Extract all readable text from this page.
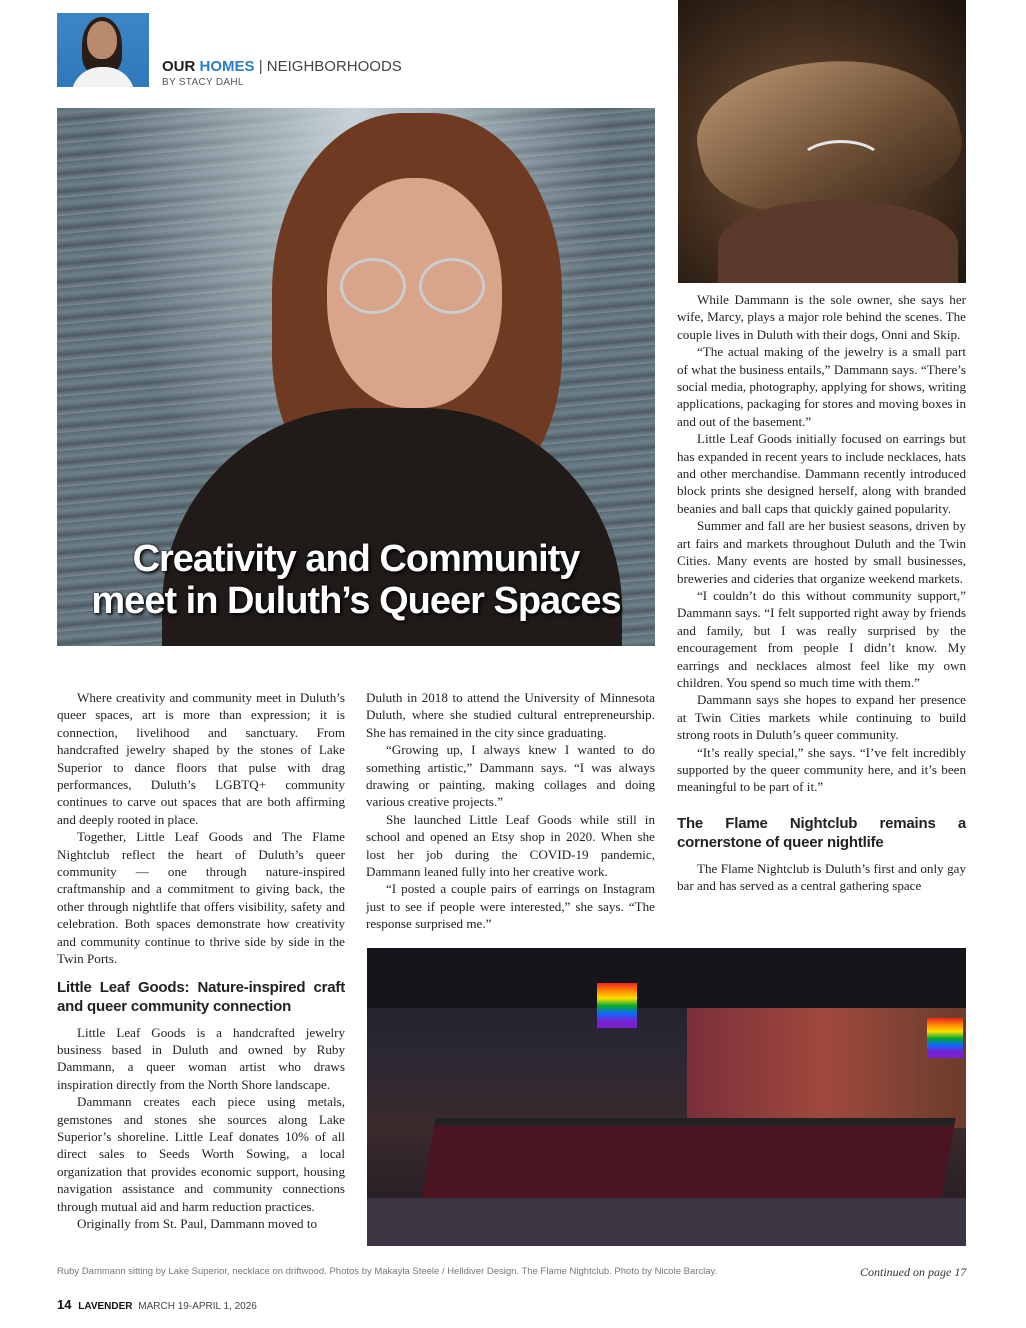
OUR HOMES | NEIGHBORHOODS
BY STACY DAHL
Creativity and Community
meet in Duluth’s Queer Spaces

Where creativity and community meet in Duluth’s queer spaces, art is more than expression; it is connection, livelihood and sanctuary. From handcrafted jewelry shaped by the stones of Lake Superior to dance floors that pulse with drag performances, Duluth’s LGBTQ+ community continues to carve out spaces that are both affirming and deeply rooted in place.

Together, Little Leaf Goods and The Flame Nightclub reflect the heart of Duluth’s queer community — one through nature-inspired craftmanship and a commitment to giving back, the other through nightlife that offers visibility, safety and celebration. Both spaces demonstrate how creativity and community continue to thrive side by side in the Twin Ports.

Little Leaf Goods: Nature-inspired craft and queer community connection

Little Leaf Goods is a handcrafted jewelry business based in Duluth and owned by Ruby Dammann, a queer woman artist who draws inspiration directly from the North Shore landscape.

Dammann creates each piece using metals, gemstones and stones she sources along Lake Superior’s shoreline. Little Leaf donates 10% of all direct sales to Seeds Worth Sowing, a local organization that provides economic support, housing navigation assistance and community connections through mutual aid and harm reduction practices.

Originally from St. Paul, Dammann moved to

Duluth in 2018 to attend the University of Minnesota Duluth, where she studied cultural entrepreneurship. She has remained in the city since graduating.

“Growing up, I always knew I wanted to do something artistic,” Dammann says. “I was always drawing or painting, making collages and doing various creative projects.”

She launched Little Leaf Goods while still in school and opened an Etsy shop in 2020. When she lost her job during the COVID-19 pandemic, Dammann leaned fully into her creative work.

“I posted a couple pairs of earrings on Instagram just to see if people were interested,” she says. “The response surprised me.”

While Dammann is the sole owner, she says her wife, Marcy, plays a major role behind the scenes. The couple lives in Duluth with their dogs, Onni and Skip.

“The actual making of the jewelry is a small part of what the business entails,” Dammann says. “There’s social media, photography, applying for shows, writing applications, packaging for stores and moving boxes in and out of the basement.”

Little Leaf Goods initially focused on earrings but has expanded in recent years to include necklaces, hats and other merchandise. Dammann recently introduced block prints she designed herself, along with branded beanies and ball caps that quickly gained popularity.

Summer and fall are her busiest seasons, driven by art fairs and markets throughout Duluth and the Twin Cities. Many events are hosted by small businesses, breweries and cideries that organize weekend markets.

“I couldn’t do this without community support,” Dammann says. “I felt supported right away by friends and family, but I was really surprised by the encouragement from people I didn’t know. My earrings and necklaces almost feel like my own children. You spend so much time with them.”

Dammann says she hopes to expand her presence at Twin Cities markets while continuing to build strong roots in Duluth’s queer community.

“It’s really special,” she says. “I’ve felt incredibly supported by the queer community here, and it’s been meaningful to be part of it.”

The Flame Nightclub remains a cornerstone of queer nightlife

The Flame Nightclub is Duluth’s first and only gay bar and has served as a central gathering space

Ruby Dammann sitting by Lake Superior, necklace on driftwood. Photos by Makayla Steele / Helldiver Design. The Flame Nightclub. Photo by Nicole Barclay.	Continued on page 17
14 LAVENDER MARCH 19-APRIL 1, 2026
